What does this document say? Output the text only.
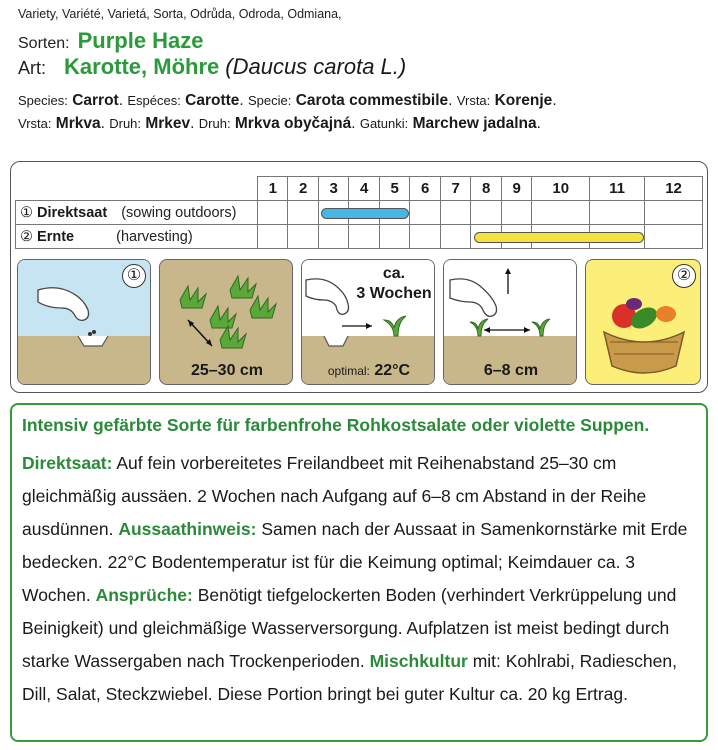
Variety, Variété, Varietá, Sorta, Odrůda, Odroda, Odmiana,
Sorten: Purple Haze
Art: Karotte, Möhre (Daucus carota L.)
Species: Carrot. Espéces: Carotte. Specie: Carota commestibile. Vrsta: Korenje.
Vrsta: Mrkva. Druh: Mrkev. Druh: Mrkva obyčajná. Gatunki: Marchew jadalna.
	1	2	3	4	5	6	7	8	9	10	11	12
① Direktsaat (sowing outdoors)												
② Ernte (harvesting)												
①
25–30 cm
ca.
3 Wochen
optimal: 22°C	6–8 cm
②
Intensiv gefärbte Sorte für farbenfrohe Rohkostsalate oder violette Suppen.
Direktsaat: Auf fein vorbereitetes Freilandbeet mit Reihenabstand 25–30 cm gleichmäßig aussäen. 2 Wochen nach Aufgang auf 6–8 cm Abstand in der Reihe ausdünnen. Aussaathinweis: Samen nach der Aussaat in Samenkornstärke mit Erde bedecken. 22°C Bodentemperatur ist für die Keimung optimal; Keimdauer ca. 3 Wochen. Ansprüche: Benötigt tiefgelockerten Boden (verhindert Verkrüppelung und Beinigkeit) und gleichmäßige Wasserversorgung. Aufplatzen ist meist bedingt durch starke Wassergaben nach Trockenperioden. Mischkultur mit: Kohlrabi, Radieschen, Dill, Salat, Steckzwiebel. Diese Portion bringt bei guter Kultur ca. 20 kg Ertrag.
